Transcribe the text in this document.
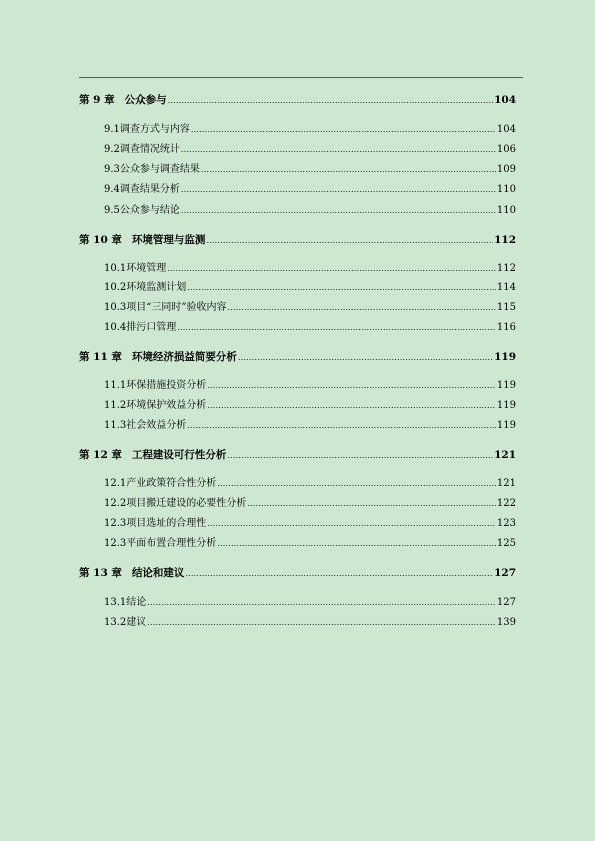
第 9 章 公众参与 .....	104
9.1 调查方式与内容 .....	104
9.2 调查情况统计 .....	106
9.3 公众参与调查结果 .....	109
9.4 调查结果分析 .....	110
9.5 公众参与结论 .....	110
第 10 章 环境管理与监测 .....	112
10.1 环境管理 .....	112
10.2 环境监测计划 .....	114
10.3 项目“三同时”验收内容 .....	115
10.4 排污口管理 .....	116
第 11 章 环境经济损益简要分析 .....	119
11.1 环保措施投资分析 .....	119
11.2 环境保护效益分析 .....	119
11.3 社会效益分析 .....	119
第 12 章 工程建设可行性分析 .....	121
12.1 产业政策符合性分析 .....	121
12.2 项目搬迁建设的必要性分析 .....	122
12.3 项目选址的合理性 .....	123
12.3 平面布置合理性分析 .....	125
第 13 章 结论和建议 .....	127
13.1 结论 .....	127
13.2 建议 .....	139
